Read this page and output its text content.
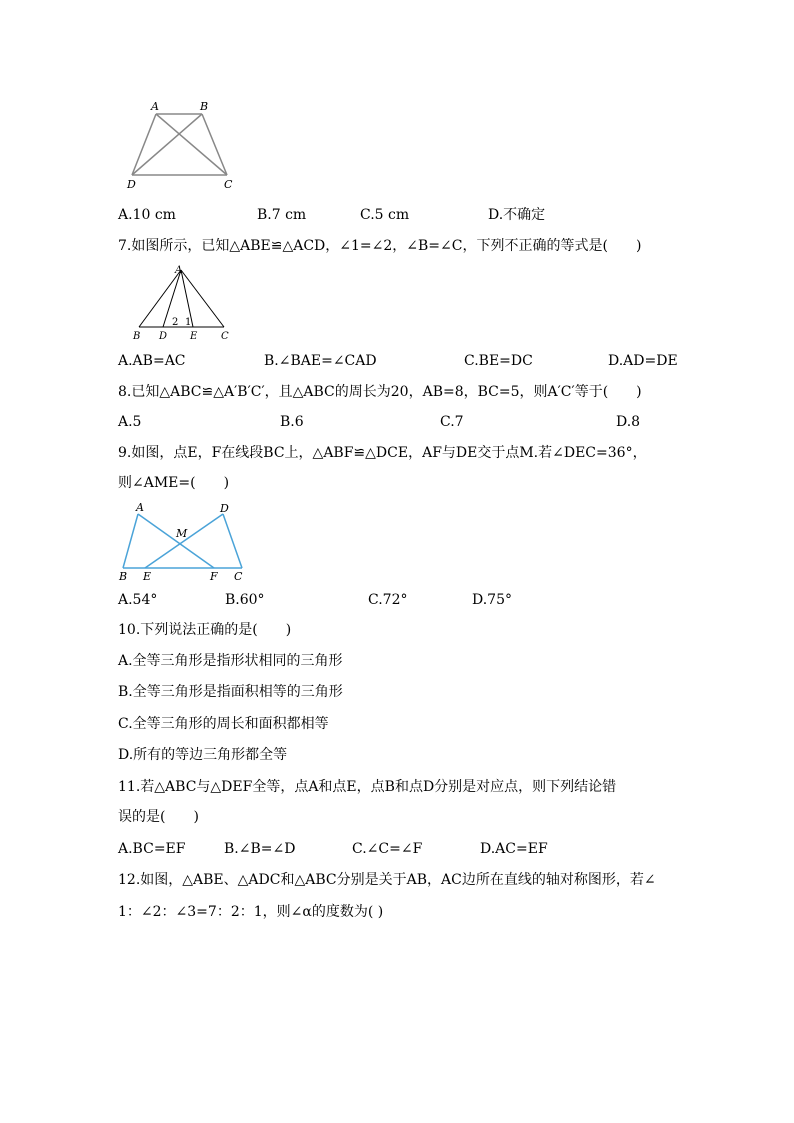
A	B
D	C
A.10 cm	B.7 cm	C.5 cm	D.不确定
7.如图所示，已知△ABE≌△ACD，∠1=∠2，∠B=∠C，下列不正确的等式是(　　)
A
B D E C
2 1
A.AB=AC	B.∠BAE=∠CAD	C.BE=DC	D.AD=DE
8.已知△ABC≌△A′B′C′，且△ABC的周长为20，AB=8，BC=5，则A′C′等于(　　)
A.5	B.6	C.7	D.8
9.如图，点E，F在线段BC上，△ABF≌△DCE，AF与DE交于点M.若∠DEC=36°，
则∠AME=(　　)
A	D
M
B E	F C
A.54°	B.60°	C.72°	D.75°
10.下列说法正确的是(　　)
A.全等三角形是指形状相同的三角形
B.全等三角形是指面积相等的三角形
C.全等三角形的周长和面积都相等
D.所有的等边三角形都全等
11.若△ABC与△DEF全等，点A和点E，点B和点D分别是对应点，则下列结论错
误的是(　　)
A.BC=EF	B.∠B=∠D	C.∠C=∠F	D.AC=EF
12.如图，△ABE、△ADC和△ABC分别是关于AB，AC边所在直线的轴对称图形，若∠
1：∠2：∠3=7：2：1，则∠α的度数为( )
